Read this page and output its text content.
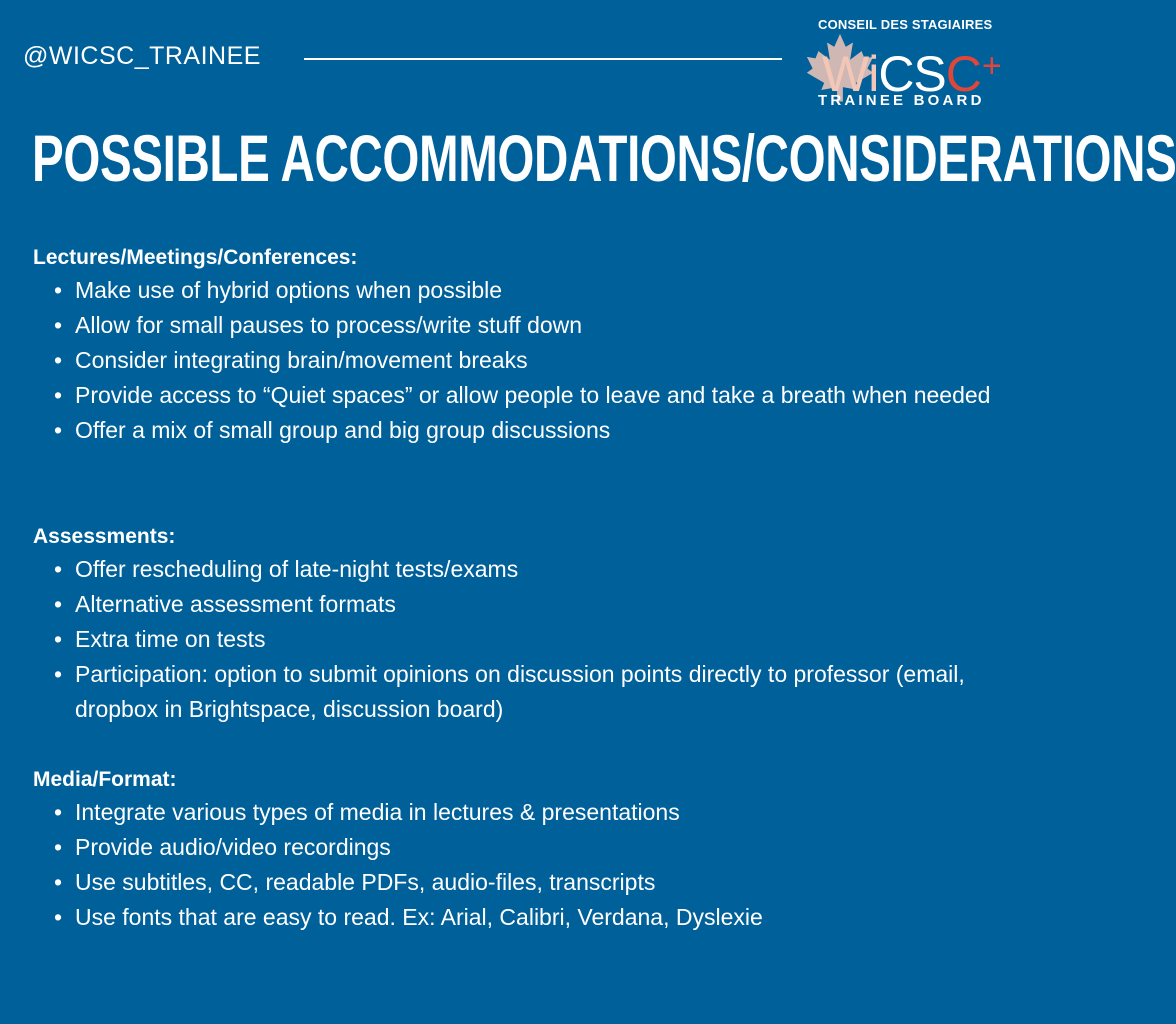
@WICSC_TRAINEE
CONSEIL DES STAGIAIRES
WiCSC+
TRAINEE BOARD
POSSIBLE ACCOMMODATIONS/CONSIDERATIONS

Lectures/Meetings/Conferences:

• Make use of hybrid options when possible
• Allow for small pauses to process/write stuff down
• Consider integrating brain/movement breaks
• Provide access to “Quiet spaces” or allow people to leave and take a breath when needed
• Offer a mix of small group and big group discussions

Assessments:

• Offer rescheduling of late-night tests/exams
• Alternative assessment formats
• Extra time on tests
• Participation: option to submit opinions on discussion points directly to professor (email, dropbox in Brightspace, discussion board)

Media/Format:

• Integrate various types of media in lectures & presentations
• Provide audio/video recordings
• Use subtitles, CC, readable PDFs, audio-files, transcripts
• Use fonts that are easy to read. Ex: Arial, Calibri, Verdana, Dyslexie
